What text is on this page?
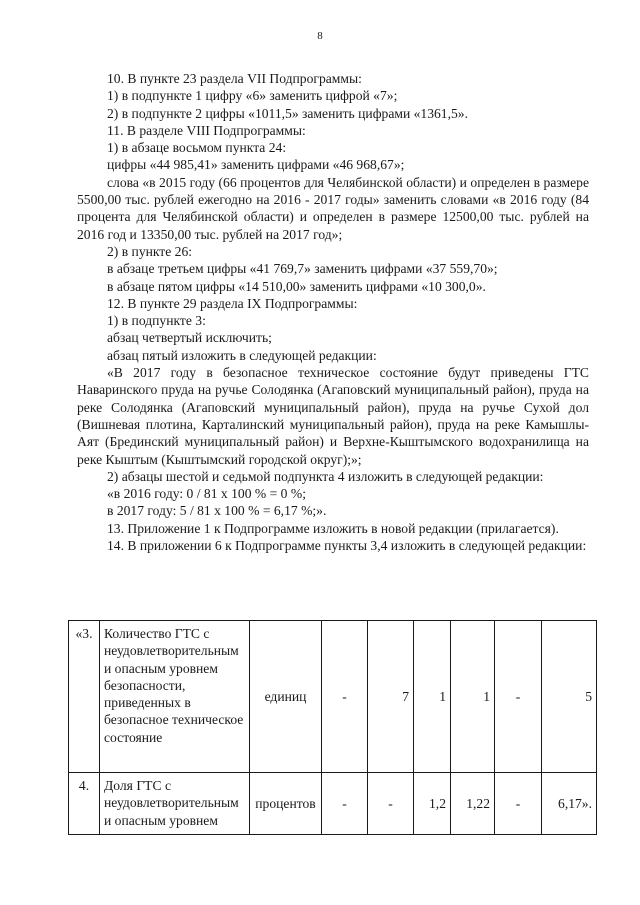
8

10. В пункте 23 раздела VII Подпрограммы:

1) в подпункте 1 цифру «6» заменить цифрой «7»;

2) в подпункте 2 цифры «1011,5» заменить цифрами «1361,5».

11. В разделе VIII Подпрограммы:

1) в абзаце восьмом пункта 24:

цифры «44 985,41» заменить цифрами «46 968,67»;

слова «в 2015 году (66 процентов для Челябинской области) и определен в размере 5500,00 тыс. рублей ежегодно на 2016 - 2017 годы» заменить словами «в 2016 году (84 процента для Челябинской области) и определен в размере 12500,00 тыс. рублей на 2016 год и 13350,00 тыс. рублей на 2017 год»;

2) в пункте 26:

в абзаце третьем цифры «41 769,7» заменить цифрами «37 559,70»;

в абзаце пятом цифры «14 510,00» заменить цифрами «10 300,0».

12. В пункте 29 раздела IX Подпрограммы:

1) в подпункте 3:

абзац четвертый исключить;

абзац пятый изложить в следующей редакции:

«В 2017 году в безопасное техническое состояние будут приведены ГТС Наваринского пруда на ручье Солодянка (Агаповский муниципальный район), пруда на реке Солодянка (Агаповский муниципальный район), пруда на ручье Сухой дол (Вишневая плотина, Карталинский муниципальный район), пруда на реке Камышлы-Аят (Брединский муниципальный район) и Верхне-Кыштымского водохранилища на реке Кыштым (Кыштымский городской округ);»;

2) абзацы шестой и седьмой подпункта 4 изложить в следующей редакции:

«в 2016 году: 0 / 81 х 100 % = 0 %;

в 2017 году: 5 / 81 х 100 % = 6,17 %;».

13. Приложение 1 к Подпрограмме изложить в новой редакции (прилагается).

14. В приложении 6 к Подпрограмме пункты 3,4 изложить в следующей редакции:

«3.	Количество ГТС с неудовлетворительным и опасным уровнем безопасности, приведенных в безопасное техническое состояние	единиц	-	7	1	1	-	5
4.	Доля ГТС с неудовлетворительным и опасным уровнем	процентов	-	-	1,2	1,22	-	6,17».
